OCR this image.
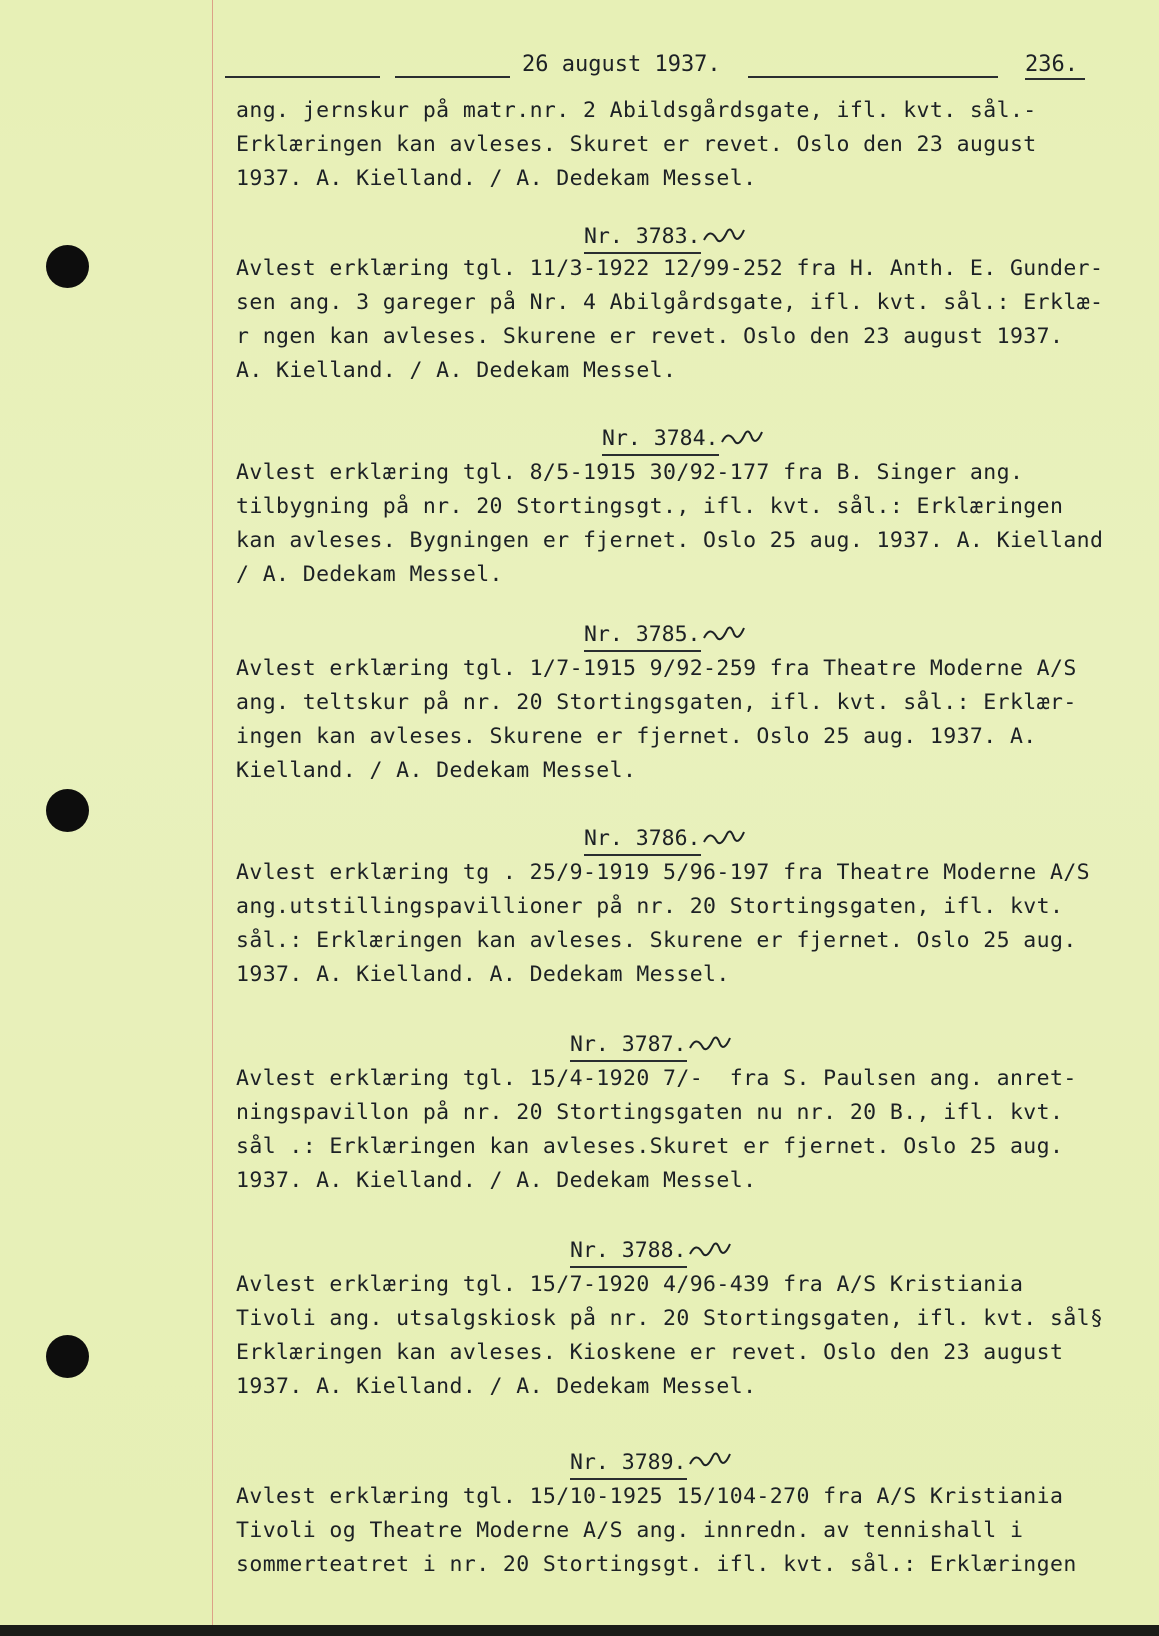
26 august 1937.	236.
ang. jernskur på matr.nr. 2 Abildsgårdsgate, ifl. kvt. sål.-
Erklæringen kan avleses. Skuret er revet. Oslo den 23 august
1937. A. Kielland. / A. Dedekam Messel.
Nr. 3783.
Avlest erklæring tgl. 11/3-1922 12/99-252 fra H. Anth. E. Gunder-
sen ang. 3 gareger på Nr. 4 Abilgårdsgate, ifl. kvt. sål.: Erklæ-
r ngen kan avleses. Skurene er revet. Oslo den 23 august 1937.
A. Kielland. / A. Dedekam Messel.
Nr. 3784.
Avlest erklæring tgl. 8/5-1915 30/92-177 fra B. Singer ang.
tilbygning på nr. 20 Stortingsgt., ifl. kvt. sål.: Erklæringen
kan avleses. Bygningen er fjernet. Oslo 25 aug. 1937. A. Kielland
/ A. Dedekam Messel.
Nr. 3785.
Avlest erklæring tgl. 1/7-1915 9/92-259 fra Theatre Moderne A/S
ang. teltskur på nr. 20 Stortingsgaten, ifl. kvt. sål.: Erklær-
ingen kan avleses. Skurene er fjernet. Oslo 25 aug. 1937. A.
Kielland. / A. Dedekam Messel.
Nr. 3786.
Avlest erklæring tg . 25/9-1919 5/96-197 fra Theatre Moderne A/S
ang.utstillingspavillioner på nr. 20 Stortingsgaten, ifl. kvt.
sål.: Erklæringen kan avleses. Skurene er fjernet. Oslo 25 aug.
1937. A. Kielland. A. Dedekam Messel.
Nr. 3787.
Avlest erklæring tgl. 15/4-1920 7/-  fra S. Paulsen ang. anret-
ningspavillon på nr. 20 Stortingsgaten nu nr. 20 B., ifl. kvt.
sål .: Erklæringen kan avleses.Skuret er fjernet. Oslo 25 aug.
1937. A. Kielland. / A. Dedekam Messel.
Nr. 3788.
Avlest erklæring tgl. 15/7-1920 4/96-439 fra A/S Kristiania
Tivoli ang. utsalgskiosk på nr. 20 Stortingsgaten, ifl. kvt. sål§
Erklæringen kan avleses. Kioskene er revet. Oslo den 23 august
1937. A. Kielland. / A. Dedekam Messel.
Nr. 3789.
Avlest erklæring tgl. 15/10-1925 15/104-270 fra A/S Kristiania
Tivoli og Theatre Moderne A/S ang. innredn. av tennishall i
sommerteatret i nr. 20 Stortingsgt. ifl. kvt. sål.: Erklæringen
